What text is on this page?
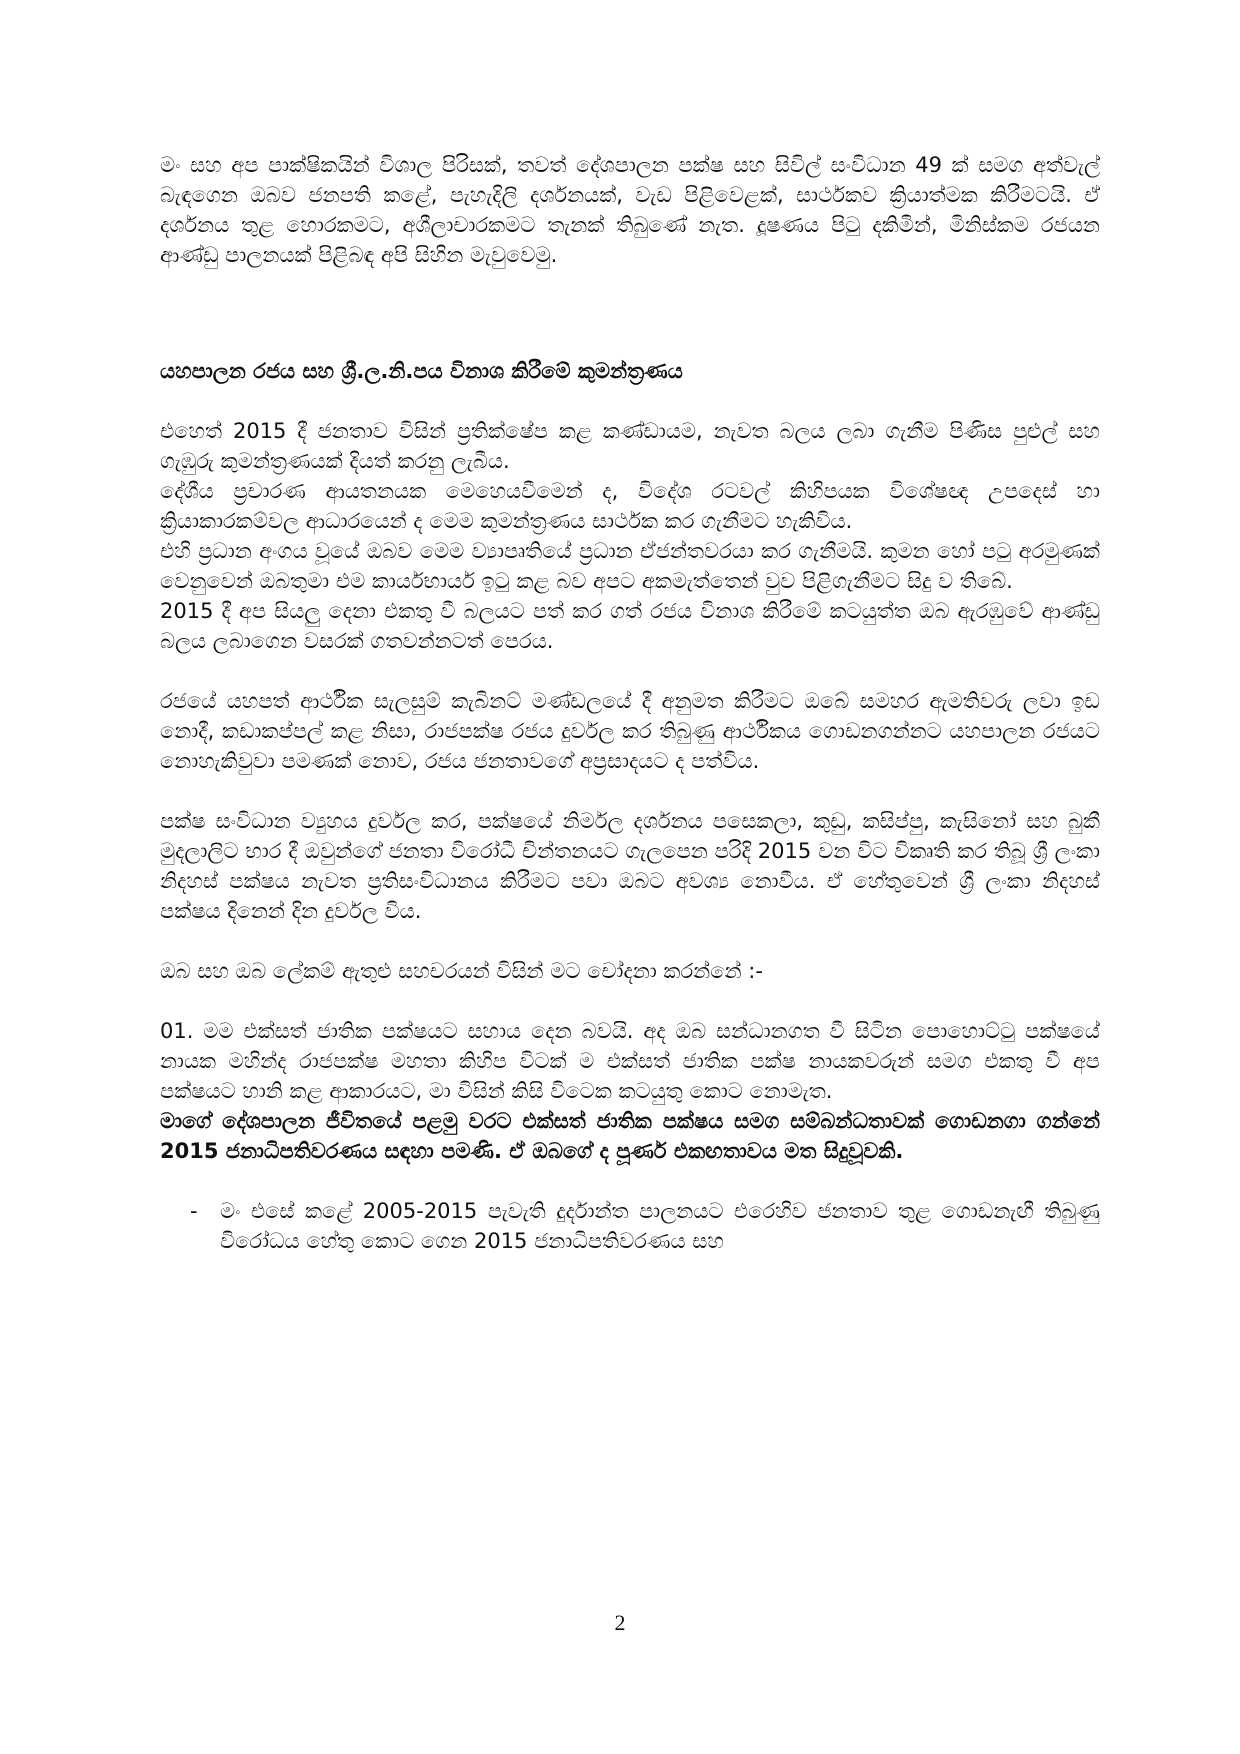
මං සහ අප පාක්ෂිකයින් විශාල පිරිසක්, තවත් දේශපාලන පක්ෂ සහ සිවිල් සංවිධාන 49 ක් සමග අත්වැල් බැඳගෙන ඔබව ජනපති කළේ, පැහැදිලි දර්ශනයක්, වැඩ පිළිවෙළක්, සාර්ථකව ක්‍රියාත්මක කිරීමටයි. ඒ දර්ශනය තුළ හොරකමට, අශීලාචාරකමට තැනක් තිබුණේ නැත. දූෂණය පිටු දකිමින්, මිනිස්කම රජයන ආණ්ඩු පාලනයක් පිළිබඳ අපි සිහින මැවුවෙමු.

යහපාලන රජය සහ ශ්‍රී.ල.නි.පය විනාශ කිරීමේ කුමන්ත්‍රණය

එහෙත් 2015 දී ජනතාව විසින් ප්‍රතික්ෂේප කළ කණ්ඩායම, නැවත බලය ලබා ගැනීම පිණිස පුළුල් සහ ගැඹුරු කුමන්ත්‍රණයක් දියත් කරනු ලැබීය.

දේශීය ප්‍රචාරණ ආයතනයක මෙහෙයවීමෙන් ද, විදේශ රටවල් කිහිපයක විශේෂඥ උපදෙස් හා ක්‍රියාකාරකම්වල ආධාරයෙන් ද මෙම කුමන්ත්‍රණය සාර්ථක කර ගැනීමට හැකිවිය.

එහි ප්‍රධාන අංගය වූයේ ඔබව මෙම ව්‍යාපෘතියේ ප්‍රධාන ඒජන්තවරයා කර ගැනීමයි. කුමන හෝ පටු අරමුණක් වෙනුවෙන් ඔබතුමා එම කාර්යභාර්ය ඉටු කළ බව අපට අකමැත්තෙන් වුව පිළිගැනීමට සිදු ව තිබේ.

2015 දී අප සියලු දෙනා එකතු වී බලයට පත් කර ගත් රජය විනාශ කිරීමේ කටයුත්ත ඔබ ඇරඹුවේ ආණ්ඩු බලය ලබාගෙන වසරක් ගතවන්නටත් පෙරය.

රජයේ යහපත් ආර්ථික සැලසුම් කැබිනට් මණ්ඩලයේ දී අනුමත කිරීමට ඔබේ සමහර ඇමතිවරු ලවා ඉඩ නොදී, කඩාකප්පල් කළ නිසා, රාජපක්ෂ රජය දුර්වල කර තිබුණු ආර්ථිකය ගොඩනගන්නට යහපාලන රජයට නොහැකිවුවා පමණක් නොව, රජය ජනතාවගේ අප්‍රසාදයට ද පත්විය.

පක්ෂ සංවිධාන ව්‍යුහය දුර්වල කර, පක්ෂයේ නිර්මල දර්ශනය පසෙකලා, කුඩු, කසිප්පු, කැසිනෝ සහ බුකී මුදලාලිට භාර දී ඔවුන්ගේ ජනතා විරෝධී චින්තනයට ගැලපෙන පරිදි 2015 වන විට විකෘති කර තිබූ ශ්‍රී ලංකා නිදහස් පක්ෂය නැවත ප්‍රතිසංවිධානය කිරීමට පවා ඔබට අවශ්‍ය නොවීය. ඒ හේතුවෙන් ශ්‍රී ලංකා නිදහස් පක්ෂය දිනෙන් දින දුර්වල විය.

ඔබ සහ ඔබ ලේකම් ඇතුළු සහචරයන් විසින් මට චෝදනා කරන්නේ :-

01. මම එක්සත් ජාතික පක්ෂයට සහාය දෙන බවයි. අද ඔබ සන්ධානගත වී සිටින පොහොට්ටු පක්ෂයේ නායක මහින්ද රාජපක්ෂ මහතා කිහිප විටක් ම එක්සත් ජාතික පක්ෂ නායකවරුන් සමග එකතු වී අප පක්ෂයට හානි කළ ආකාරයට, මා විසින් කිසි විටෙක කටයුතු කොට නොමැත.

මාගේ දේශපාලන ජීවිතයේ පළමු වරට එක්සත් ජාතික පක්ෂය සමග සම්බන්ධතාවක් ගොඩනගා ගන්නේ 2015 ජනාධිපතිවරණය සඳහා පමණි. ඒ ඔබගේ ද පූර්ණ එකඟතාවය මත සිදුවූවකි.

-	මං එසේ කළේ 2005-2015 පැවැති දුර්දාන්ත පාලනයට එරෙහිව ජනතාව තුළ ගොඩනැඟී තිබුණු විරෝධය හේතු කොට ගෙන 2015 ජනාධිපතිවරණය සහ

2
